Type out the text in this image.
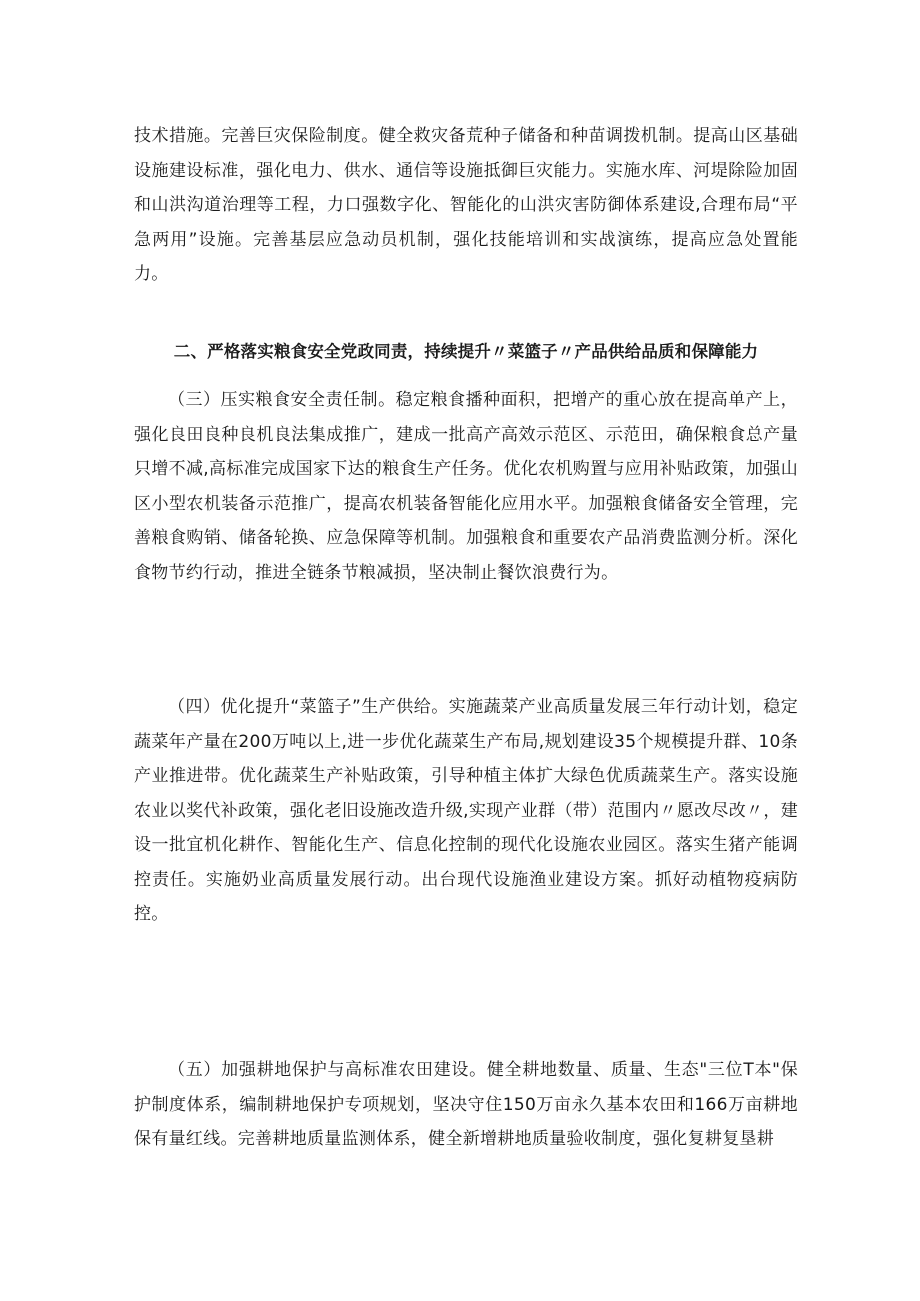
技术措施。完善巨灾保险制度。健全救灾备荒种子储备和种苗调拨机制。提高山区基础设施建设标准，强化电力、供水、通信等设施抵御巨灾能力。实施水库、河堤除险加固和山洪沟道治理等工程，力口强数字化、智能化的山洪灾害防御体系建设,合理布局“平急两用”设施。完善基层应急动员机制，强化技能培训和实战演练，提高应急处置能力。

二、严格落实粮食安全党政同责，持续提升〃菜篮子〃产品供给品质和保障能力

（三）压实粮食安全责任制。稳定粮食播种面积，把增产的重心放在提高单产上，强化良田良种良机良法集成推广，建成一批高产高效示范区、示范田，确保粮食总产量只增不减,高标准完成国家下达的粮食生产任务。优化农机购置与应用补贴政策，加强山区小型农机装备示范推广，提高农机装备智能化应用水平。加强粮食储备安全管理，完善粮食购销、储备轮换、应急保障等机制。加强粮食和重要农产品消费监测分析。深化食物节约行动，推进全链条节粮减损，坚决制止餐饮浪费行为。

（四）优化提升“菜篮子”生产供给。实施蔬菜产业高质量发展三年行动计划，稳定蔬菜年产量在200万吨以上,进一步优化蔬菜生产布局,规划建设35个规模提升群、10条产业推进带。优化蔬菜生产补贴政策，引导种植主体扩大绿色优质蔬菜生产。落实设施农业以奖代补政策，强化老旧设施改造升级,实现产业群（带）范围内〃愿改尽改〃，建设一批宜机化耕作、智能化生产、信息化控制的现代化设施农业园区。落实生猪产能调控责任。实施奶业高质量发展行动。出台现代设施渔业建设方案。抓好动植物疫病防控。

（五）加强耕地保护与高标准农田建设。健全耕地数量、质量、生态"三位T本"保护制度体系，编制耕地保护专项规划，坚决守住150万亩永久基本农田和166万亩耕地保有量红线。完善耕地质量监测体系，健全新增耕地质量验收制度，强化复耕复垦耕
